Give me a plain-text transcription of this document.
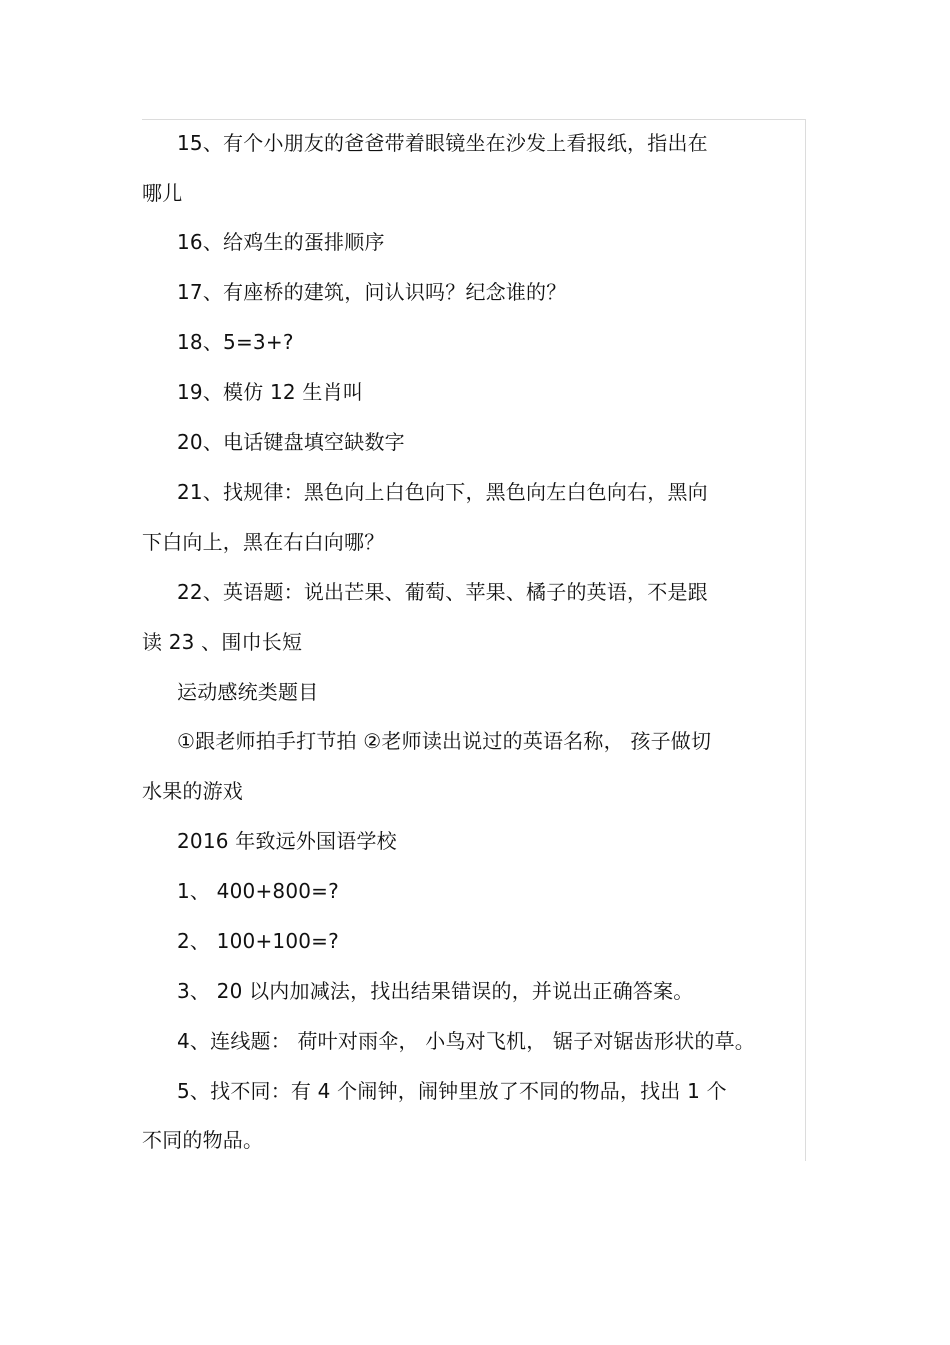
15、有个小朋友的爸爸带着眼镜坐在沙发上看报纸，指出在
哪儿
16、给鸡生的蛋排顺序
17、有座桥的建筑，问认识吗？纪念谁的？
18、5=3+?
19、模仿 12 生肖叫
20、电话键盘填空缺数字
21、找规律：黑色向上白色向下，黑色向左白色向右，黑向
下白向上，黑在右白向哪？
22、英语题：说出芒果、葡萄、苹果、橘子的英语，不是跟
读 23 、围巾长短
运动感统类题目
①跟老师拍手打节拍 ②老师读出说过的英语名称， 孩子做切
水果的游戏
2016 年致远外国语学校
1、 400+800=?
2、 100+100=?
3、 20 以内加减法，找出结果错误的，并说出正确答案。
4、连线题： 荷叶对雨伞， 小鸟对飞机， 锯子对锯齿形状的草。
5、找不同：有 4 个闹钟，闹钟里放了不同的物品，找出 1 个
不同的物品。
